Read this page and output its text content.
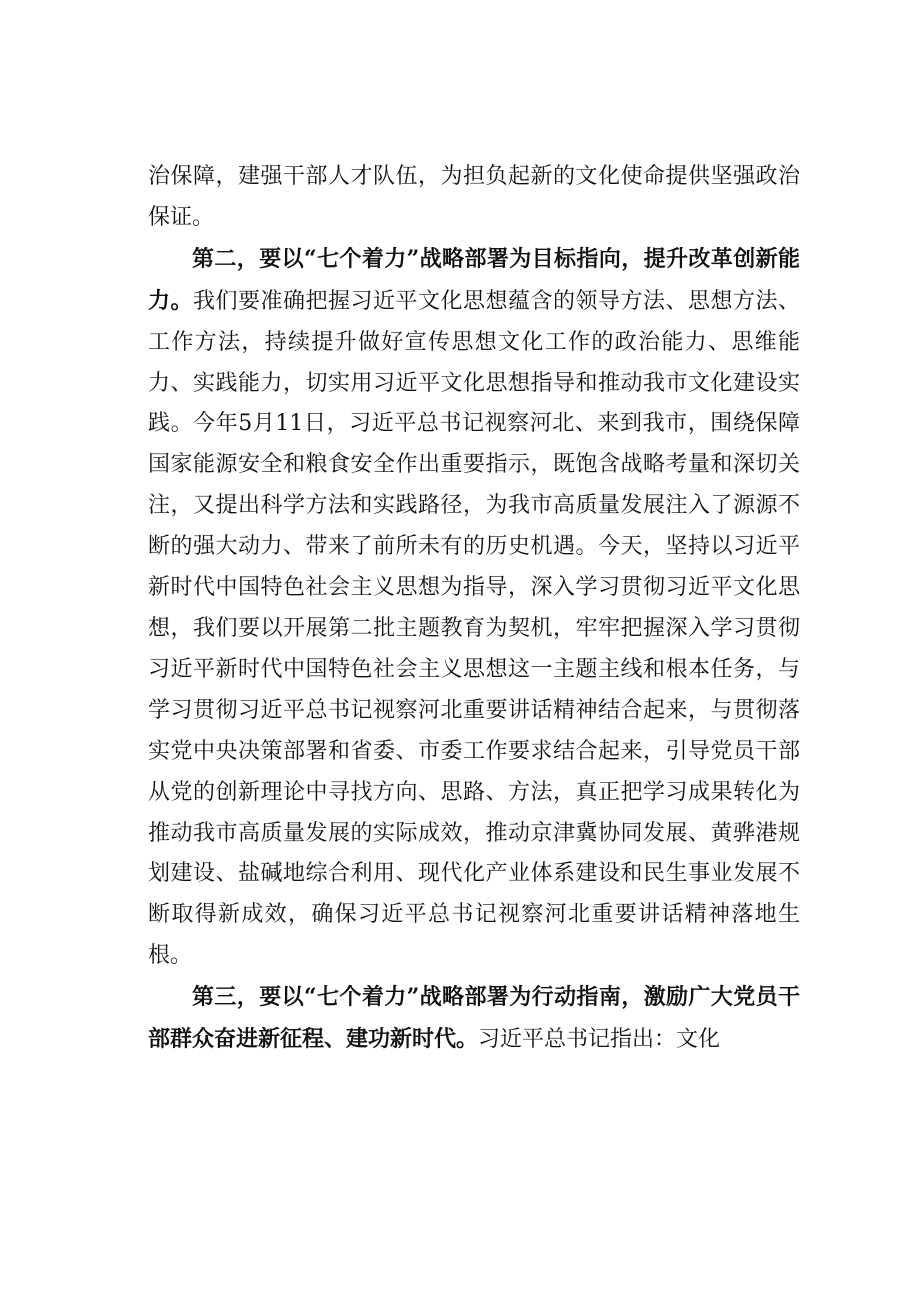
治保障，建强干部人才队伍，为担负起新的文化使命提供坚强政治保证。

第二，要以“七个着力”战略部署为目标指向，提升改革创新能力。我们要准确把握习近平文化思想蕴含的领导方法、思想方法、工作方法，持续提升做好宣传思想文化工作的政治能力、思维能力、实践能力，切实用习近平文化思想指导和推动我市文化建设实践。今年5月11日，习近平总书记视察河北、来到我市，围绕保障国家能源安全和粮食安全作出重要指示，既饱含战略考量和深切关注，又提出科学方法和实践路径，为我市高质量发展注入了源源不断的强大动力、带来了前所未有的历史机遇。今天，坚持以习近平新时代中国特色社会主义思想为指导，深入学习贯彻习近平文化思想，我们要以开展第二批主题教育为契机，牢牢把握深入学习贯彻习近平新时代中国特色社会主义思想这一主题主线和根本任务，与学习贯彻习近平总书记视察河北重要讲话精神结合起来，与贯彻落实党中央决策部署和省委、市委工作要求结合起来，引导党员干部从党的创新理论中寻找方向、思路、方法，真正把学习成果转化为推动我市高质量发展的实际成效，推动京津冀协同发展、黄骅港规划建设、盐碱地综合利用、现代化产业体系建设和民生事业发展不断取得新成效，确保习近平总书记视察河北重要讲话精神落地生根。

第三，要以“七个着力”战略部署为行动指南，激励广大党员干部群众奋进新征程、建功新时代。习近平总书记指出：文化
